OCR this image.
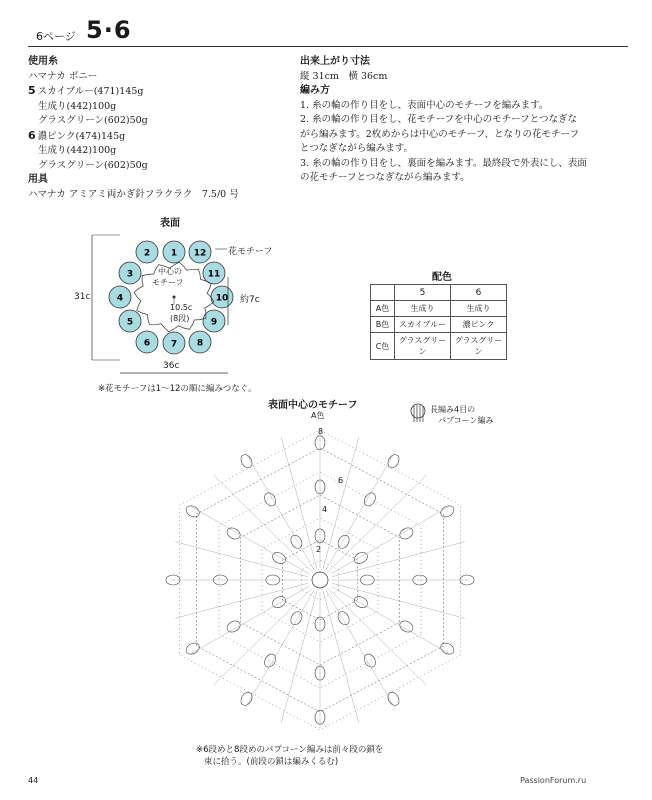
6ページ 5·6
使用糸
ハマナカ ボニー
5 スカイブルー(471)145g
生成り(442)100g
グラスグリーン(602)50g
6 濃ピンク(474)145g
生成り(442)100g
グラスグリーン(602)50g
用具
ハマナカ アミアミ両かぎ針フラクラク　7.5/0 号
出来上がり寸法
縦 31cm　横 36cm
編み方
1. 糸の輪の作り目をし、表面中心のモチーフを編みます。
2. 糸の輪の作り目をし、花モチーフを中心のモチーフとつなぎな
がら編みます。2枚めからは中心のモチーフ、となりの花モチーフ
とつなぎながら編みます。
3. 糸の輪の作り目をし、裏面を編みます。最終段で外表にし、表面
の花モチーフとつなぎながら編みます。
表面
1
2
3
4
5
6 7 8
9
10
11
12 花モチーフ
中心の
モチーフ
10.5c
(8段)
31c
36c
約7c
※花モチーフは1～12の順に編みつなぐ。
配色
	5	6
A色	生成り	生成り
B色	スカイブルー	濃ピンク
C色	グラスグリーン	グラスグリーン
表面中心のモチーフ
A色
長編み4目の
パプコーン編み
8
6
4
2
※6段めと8段めのパプコーン編みは前々段の鎖を
束に拾う。(前段の鎖は編みくるむ)
44	PassionForum.ru
